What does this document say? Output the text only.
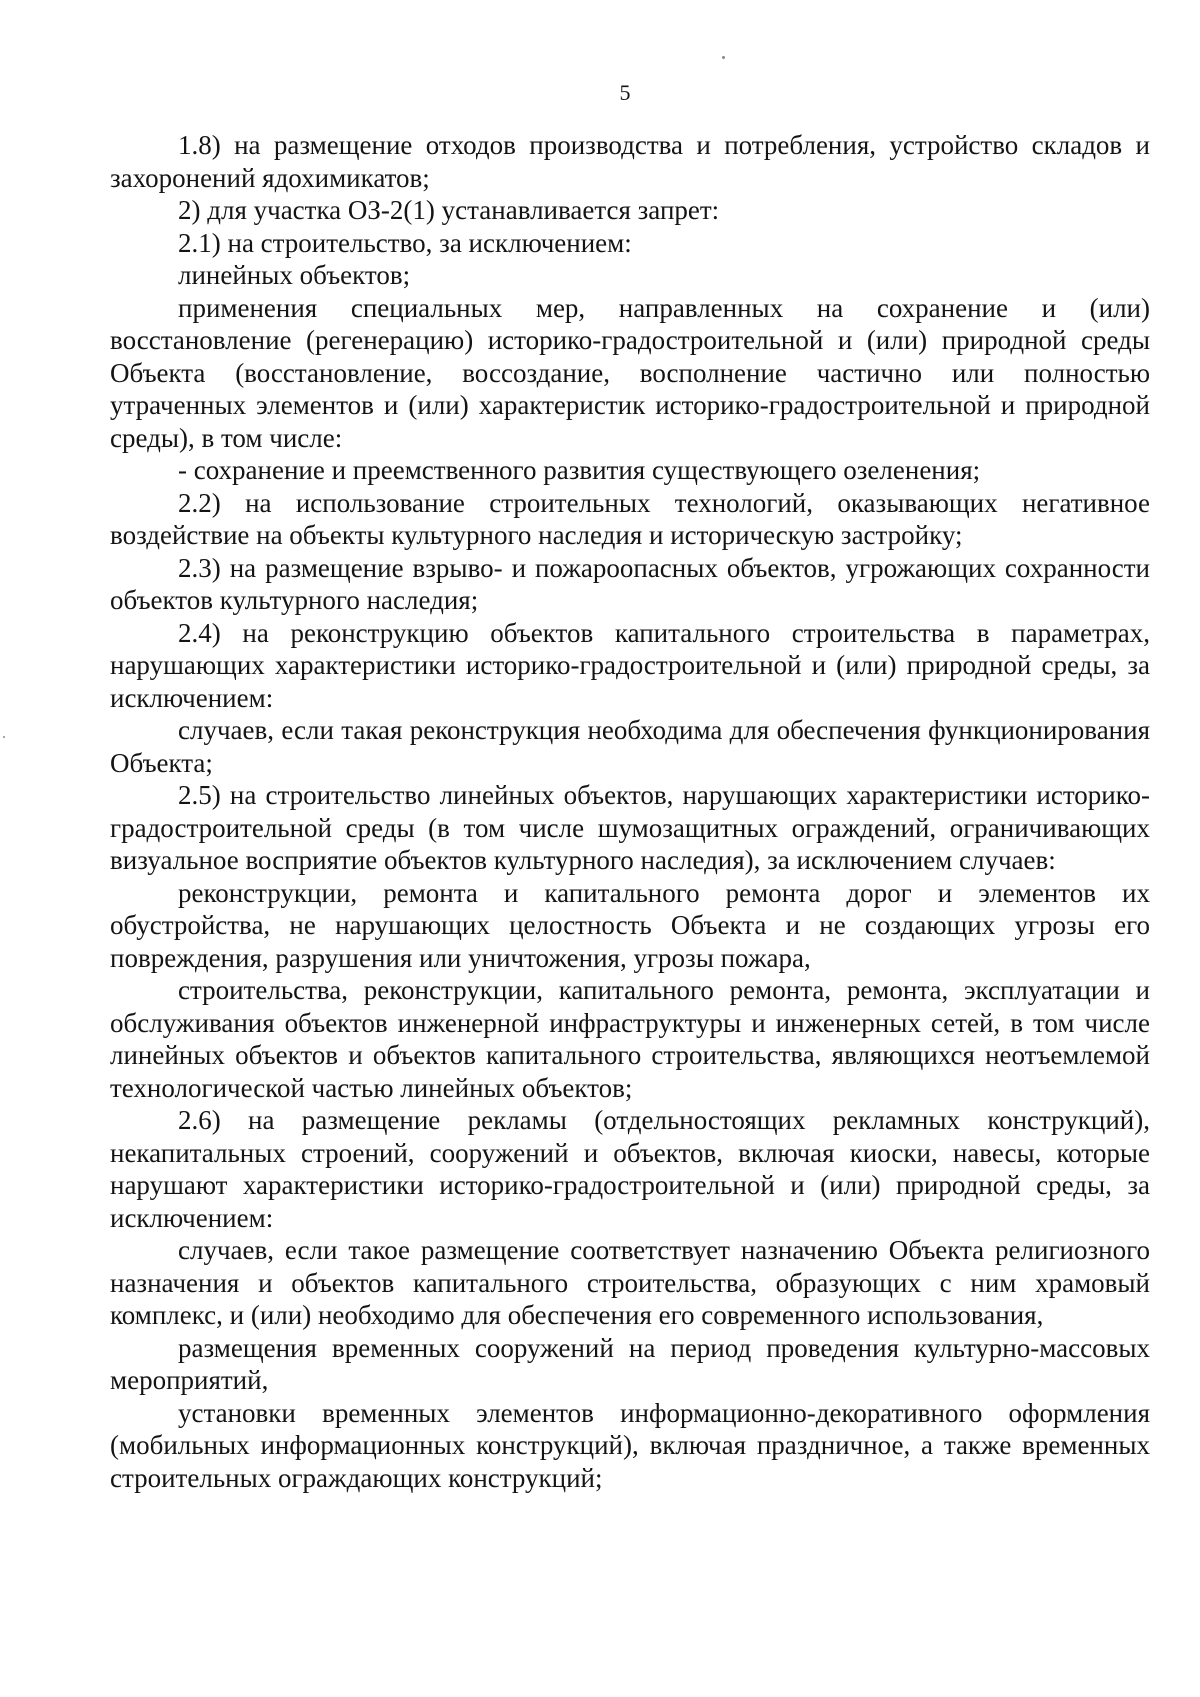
5

1.8) на размещение отходов производства и потребления, устройство складов и захоронений ядохимикатов;

2) для участка ОЗ-2(1) устанавливается запрет:

2.1) на строительство, за исключением:

линейных объектов;

применения специальных мер, направленных на сохранение и (или) восстановление (регенерацию) историко-градостроительной и (или) природной среды Объекта (восстановление, воссоздание, восполнение частично или полностью утраченных элементов и (или) характеристик историко-градостроительной и природной среды), в том числе:

- сохранение и преемственного развития существующего озеленения;

2.2) на использование строительных технологий, оказывающих негативное воздействие на объекты культурного наследия и историческую застройку;

2.3) на размещение взрыво- и пожароопасных объектов, угрожающих сохранности объектов культурного наследия;

2.4) на реконструкцию объектов капитального строительства в параметрах, нарушающих характеристики историко-градостроительной и (или) природной среды, за исключением:

случаев, если такая реконструкция необходима для обеспечения функционирования Объекта;

2.5) на строительство линейных объектов, нарушающих характеристики историко- градостроительной среды (в том числе шумозащитных ограждений, ограничивающих визуальное восприятие объектов культурного наследия), за исключением случаев:

реконструкции, ремонта и капитального ремонта дорог и элементов их обустройства, не нарушающих целостность Объекта и не создающих угрозы его повреждения, разрушения или уничтожения, угрозы пожара,

строительства, реконструкции, капитального ремонта, ремонта, эксплуатации и обслуживания объектов инженерной инфраструктуры и инженерных сетей, в том числе линейных объектов и объектов капитального строительства, являющихся неотъемлемой технологической частью линейных объектов;

2.6) на размещение рекламы (отдельностоящих рекламных конструкций), некапитальных строений, сооружений и объектов, включая киоски, навесы, которые нарушают характеристики историко-градостроительной и (или) природной среды, за исключением:

случаев, если такое размещение соответствует назначению Объекта религиозного назначения и объектов капитального строительства, образующих с ним храмовый комплекс, и (или) необходимо для обеспечения его современного использования,

размещения временных сооружений на период проведения культурно-массовых мероприятий,

установки временных элементов информационно-декоративного оформления (мобильных информационных конструкций), включая праздничное, а также временных строительных ограждающих конструкций;
